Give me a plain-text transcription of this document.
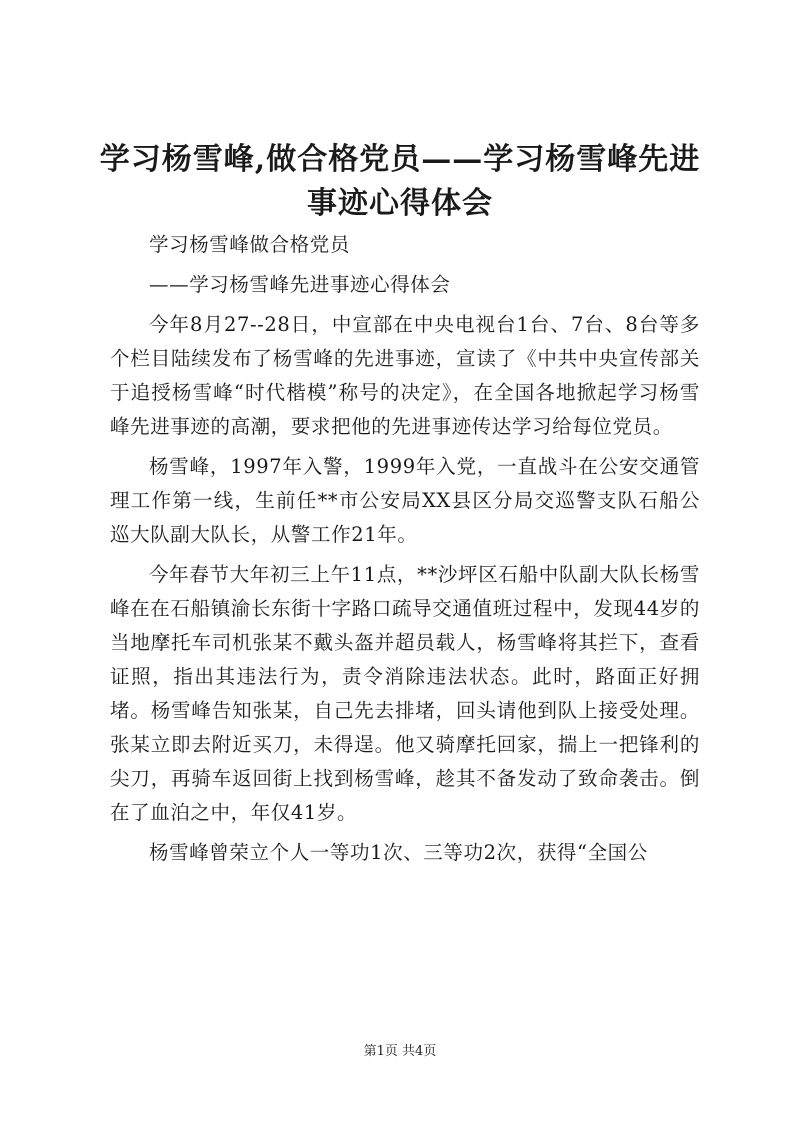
学习杨雪峰,做合格党员——学习杨雪峰先进
事迹心得体会

学习杨雪峰做合格党员

——学习杨雪峰先进事迹心得体会

今年8月27--28日，中宣部在中央电视台1台、7台、8台等多个栏目陆续发布了杨雪峰的先进事迹，宣读了《中共中央宣传部关于追授杨雪峰“时代楷模”称号的决定》，在全国各地掀起学习杨雪峰先进事迹的高潮，要求把他的先进事迹传达学习给每位党员。

杨雪峰，1997年入警，1999年入党，一直战斗在公安交通管理工作第一线，生前任**市公安局XX县区分局交巡警支队石船公巡大队副大队长，从警工作21年。

今年春节大年初三上午11点，**沙坪区石船中队副大队长杨雪峰在在石船镇渝长东街十字路口疏导交通值班过程中，发现44岁的当地摩托车司机张某不戴头盔并超员载人，杨雪峰将其拦下，查看证照，指出其违法行为，责令消除违法状态。此时，路面正好拥堵。杨雪峰告知张某，自己先去排堵，回头请他到队上接受处理。张某立即去附近买刀，未得逞。他又骑摩托回家，揣上一把锋利的尖刀，再骑车返回街上找到杨雪峰，趁其不备发动了致命袭击。倒在了血泊之中，年仅41岁。

杨雪峰曾荣立个人一等功1次、三等功2次，获得“全国公

第1页 共4页
